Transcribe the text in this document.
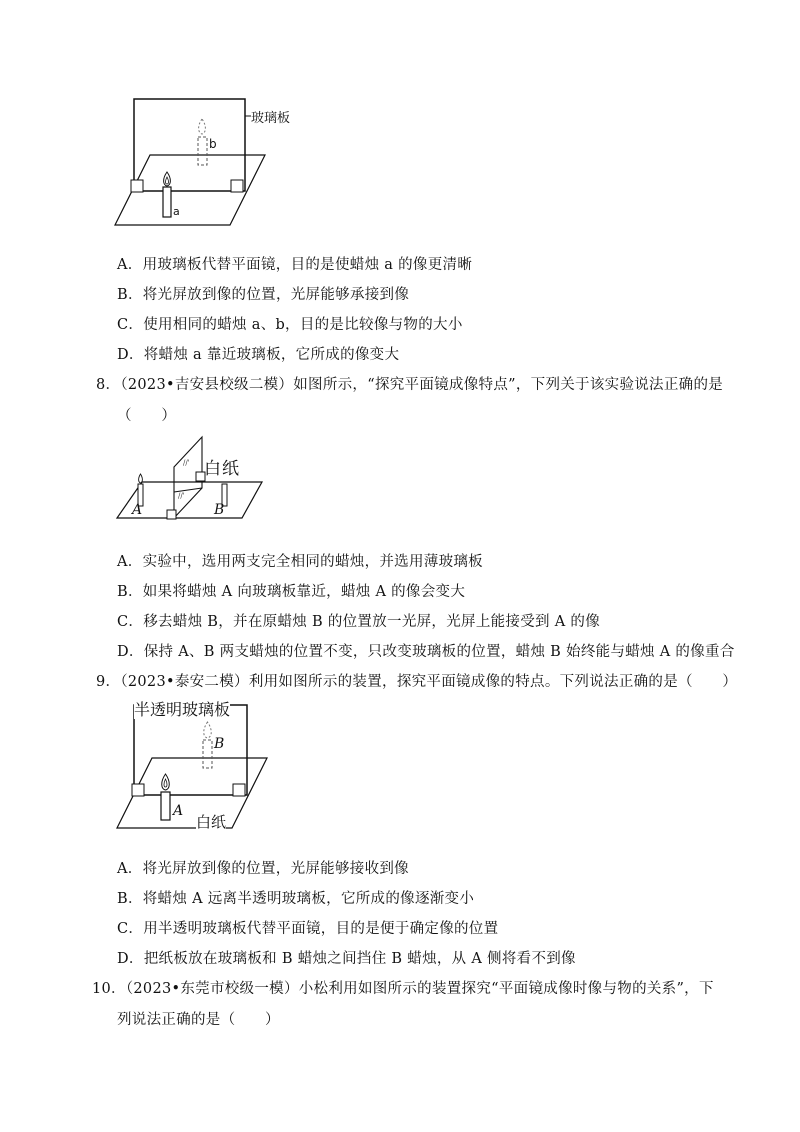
玻璃板
a
b
A．用玻璃板代替平面镜，目的是使蜡烛 a 的像更清晰
B．将光屏放到像的位置，光屏能够承接到像
C．使用相同的蜡烛 a、b，目的是比较像与物的大小
D．将蜡烛 a 靠近玻璃板，它所成的像变大
8．（2023•吉安县校级二模）如图所示，“探究平面镜成像特点”，下列关于该实验说法正确的是
（　　）
//'
//'
白纸
A	B
A．实验中，选用两支完全相同的蜡烛，并选用薄玻璃板
B．如果将蜡烛 A 向玻璃板靠近，蜡烛 A 的像会变大
C．移去蜡烛 B，并在原蜡烛 B 的位置放一光屏，光屏上能接受到 A 的像
D．保持 A、B 两支蜡烛的位置不变，只改变玻璃板的位置，蜡烛 B 始终能与蜡烛 A 的像重合
9．（2023•泰安二模）利用如图所示的装置，探究平面镜成像的特点。下列说法正确的是（　　）
半透明玻璃板
A
B
白纸
A．将光屏放到像的位置，光屏能够接收到像
B．将蜡烛 A 远离半透明玻璃板，它所成的像逐渐变小
C．用半透明玻璃板代替平面镜，目的是便于确定像的位置
D．把纸板放在玻璃板和 B 蜡烛之间挡住 B 蜡烛，从 A 侧将看不到像
10．（2023•东莞市校级一模）小松利用如图所示的装置探究“平面镜成像时像与物的关系”，下
列说法正确的是（　　）
